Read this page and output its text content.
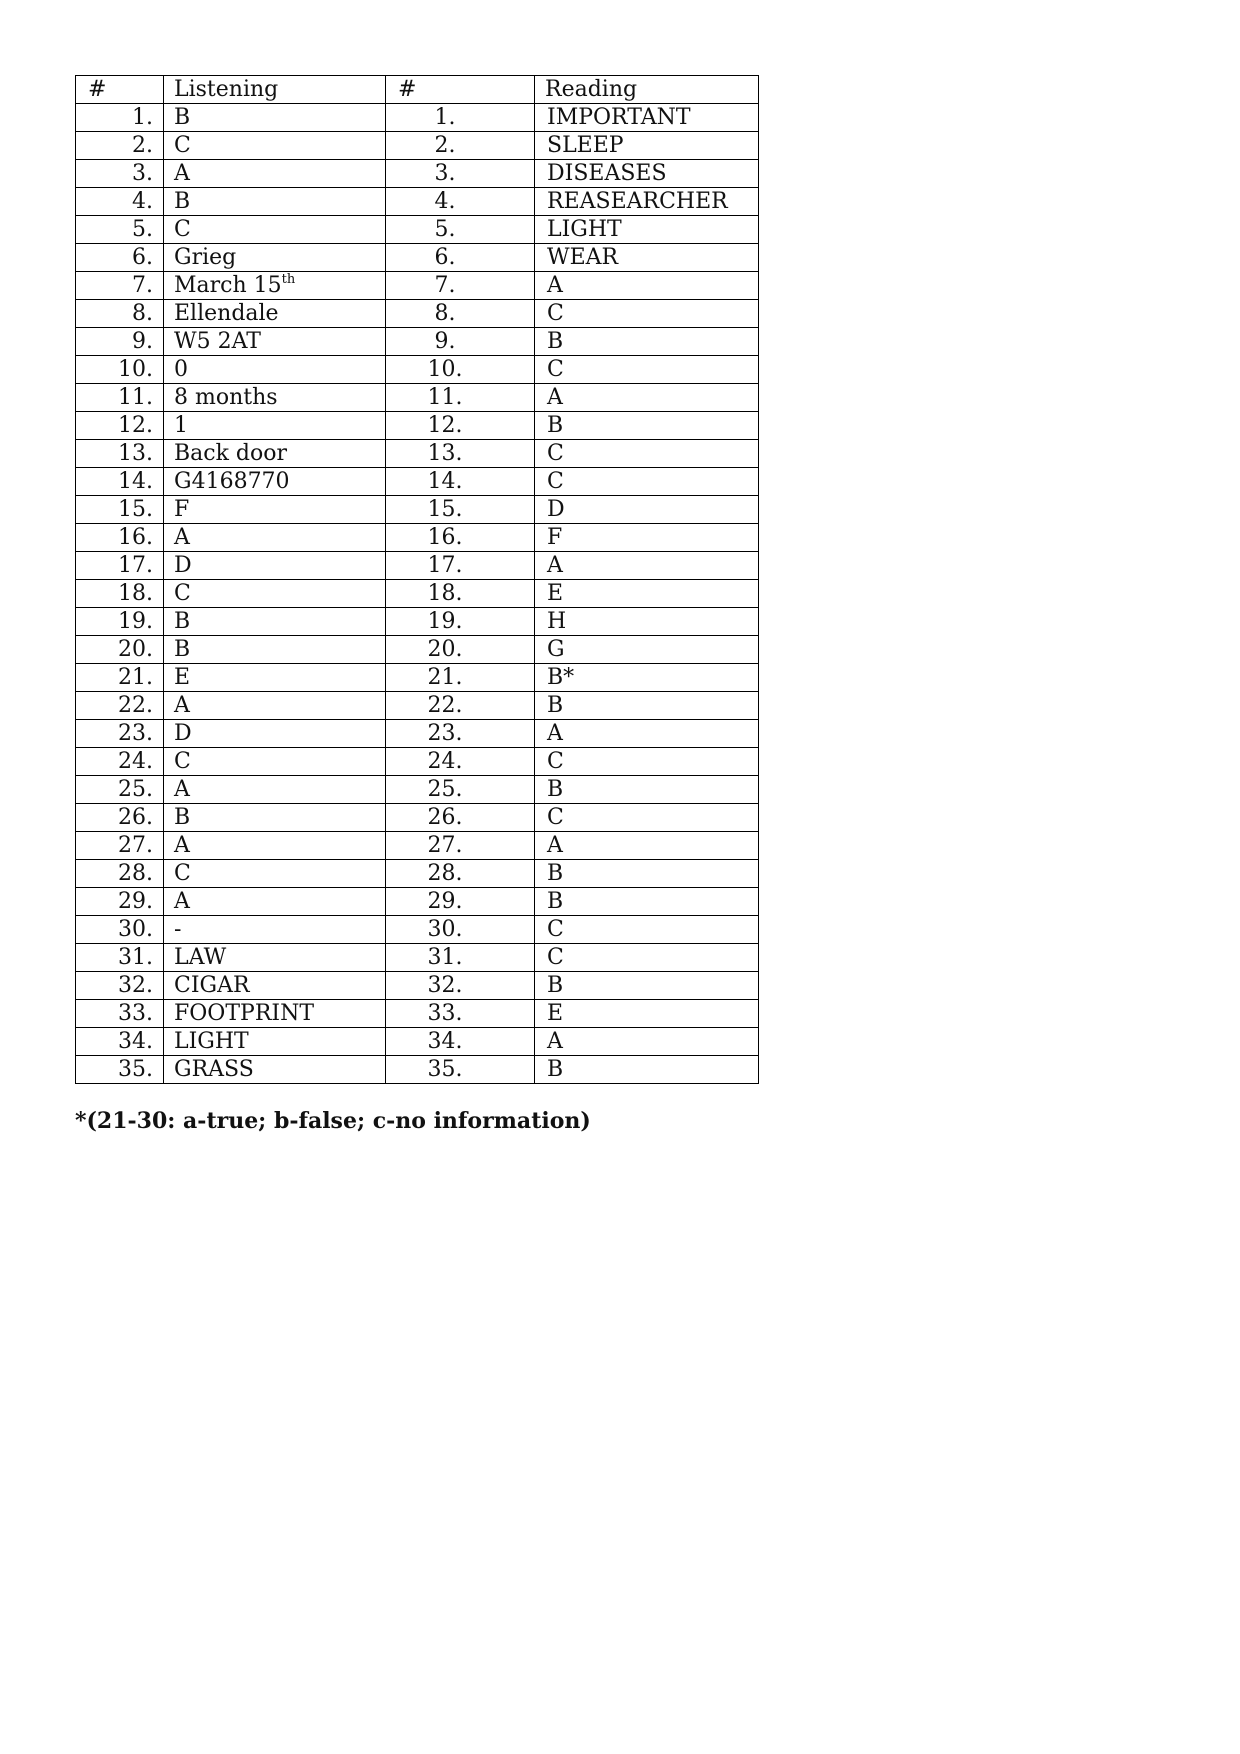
#	Listening	#	Reading
1.	B	1.	IMPORTANT
2.	C	2.	SLEEP
3.	A	3.	DISEASES
4.	B	4.	REASEARCHER
5.	C	5.	LIGHT
6.	Grieg	6.	WEAR
7.	March 15th	7.	A
8.	Ellendale	8.	C
9.	W5 2AT	9.	B
10.	0	10.	C
11.	8 months	11.	A
12.	1	12.	B
13.	Back door	13.	C
14.	G4168770	14.	C
15.	F	15.	D
16.	A	16.	F
17.	D	17.	A
18.	C	18.	E
19.	B	19.	H
20.	B	20.	G
21.	E	21.	B*
22.	A	22.	B
23.	D	23.	A
24.	C	24.	C
25.	A	25.	B
26.	B	26.	C
27.	A	27.	A
28.	C	28.	B
29.	A	29.	B
30.	-	30.	C
31.	LAW	31.	C
32.	CIGAR	32.	B
33.	FOOTPRINT	33.	E
34.	LIGHT	34.	A
35.	GRASS	35.	B
*(21-30: a-true; b-false; c-no information)
